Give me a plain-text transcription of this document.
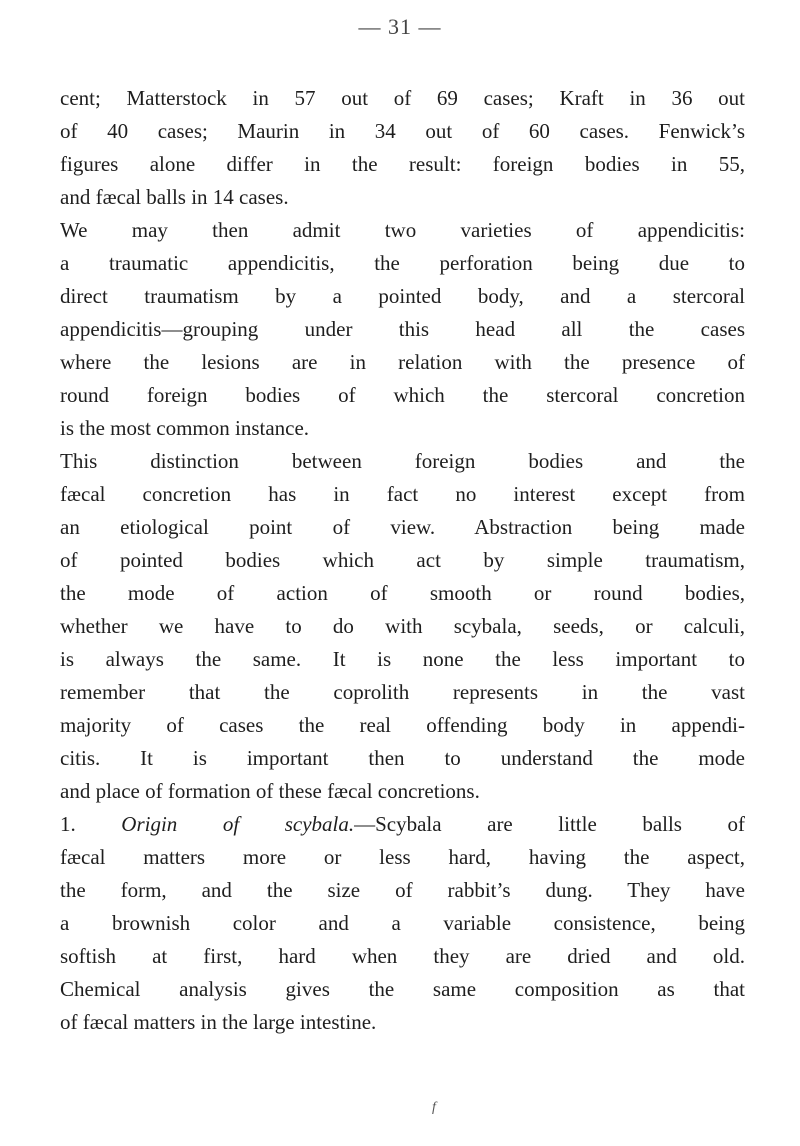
— 31 —
cent; Matterstock in 57 out of 69 cases; Kraft in 36 out
of 40 cases; Maurin in 34 out of 60 cases. Fenwick’s
figures alone differ in the result: foreign bodies in 55,
and fæcal balls in 14 cases.
We may then admit two varieties of appendicitis:
a traumatic appendicitis, the perforation being due to
direct traumatism by a pointed body, and a stercoral
appendicitis—grouping under this head all the cases
where the lesions are in relation with the presence of
round foreign bodies of which the stercoral concretion
is the most common instance.
This distinction between foreign bodies and the
fæcal concretion has in fact no interest except from
an etiological point of view. Abstraction being made
of pointed bodies which act by simple traumatism,
the mode of action of smooth or round bodies,
whether we have to do with scybala, seeds, or calculi,
is always the same. It is none the less important to
remember that the coprolith represents in the vast
majority of cases the real offending body in appendi-
citis. It is important then to understand the mode
and place of formation of these fæcal concretions.
1. Origin of scybala.—Scybala are little balls of
fæcal matters more or less hard, having the aspect,
the form, and the size of rabbit’s dung. They have
a brownish color and a variable consistence, being
softish at first, hard when they are dried and old.
Chemical analysis gives the same composition as that
of fæcal matters in the large intestine.
f
